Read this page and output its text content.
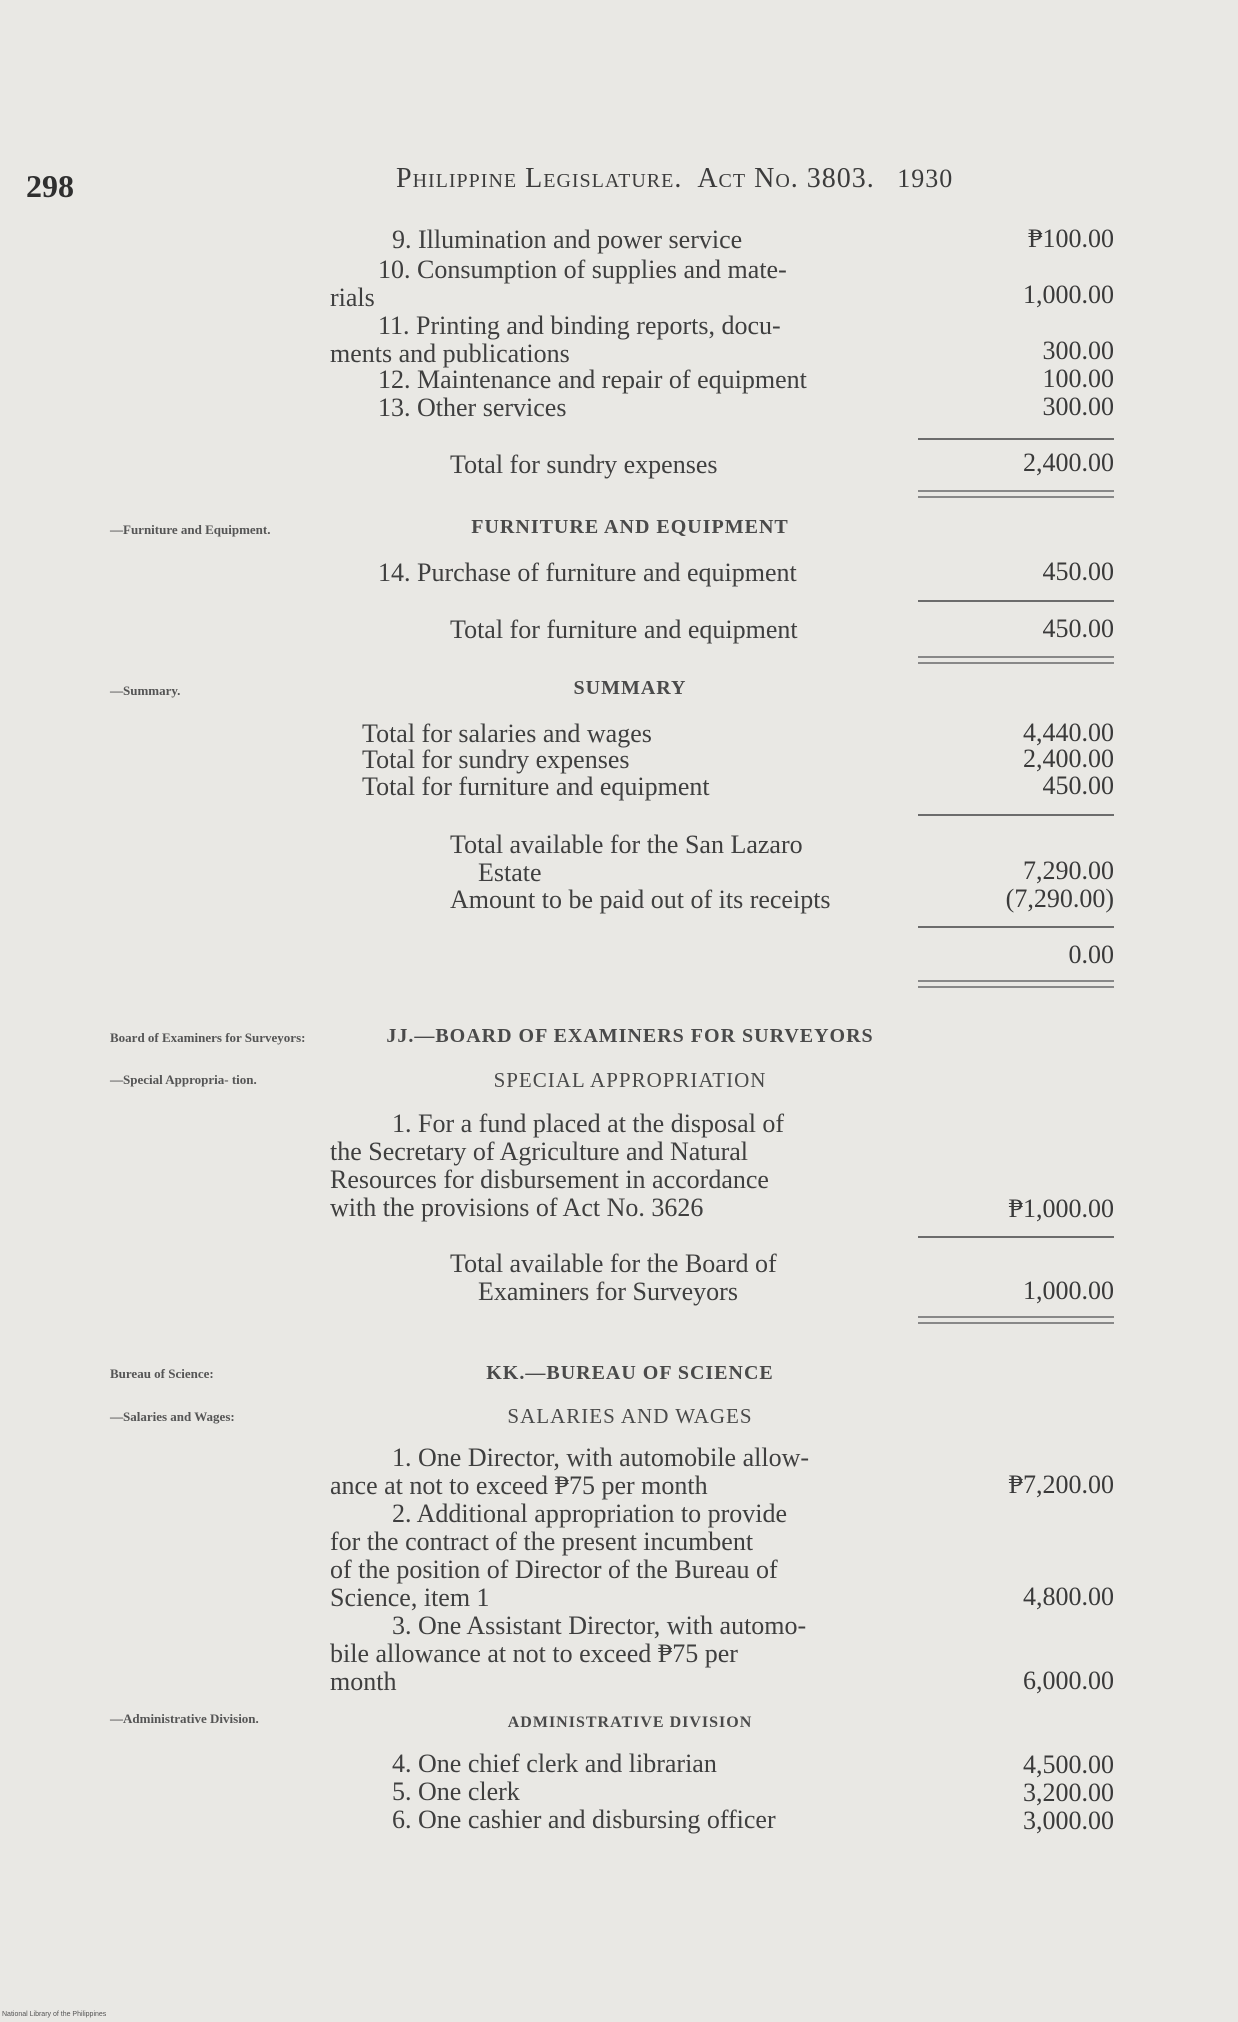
298	Philippine Legislature. Act No. 3803. 1930
9. Illumination and power service	₱100.00
10. Consumption of supplies and mate-
rials	1,000.00
11. Printing and binding reports, docu-
ments and publications	300.00
12. Maintenance and repair of equipment	100.00
13. Other services	300.00
Total for sundry expenses	2,400.00
—Furniture and Equipment.	FURNITURE AND EQUIPMENT
14. Purchase of furniture and equipment	450.00
Total for furniture and equipment	450.00
—Summary.	SUMMARY
Total for salaries and wages	4,440.00
Total for sundry expenses	2,400.00
Total for furniture and equipment	450.00
Total available for the San Lazaro
Estate	7,290.00
Amount to be paid out of its receipts	(7,290.00)
0.00
Board of Examiners for Surveyors:
—Special Appropria- tion.
JJ.—BOARD OF EXAMINERS FOR SURVEYORS
SPECIAL APPROPRIATION
1. For a fund placed at the disposal of
the Secretary of Agriculture and Natural
Resources for disbursement in accordance
with the provisions of Act No. 3626	₱1,000.00
Total available for the Board of
Examiners for Surveyors	1,000.00
Bureau of Science:
—Salaries and Wages:
KK.—BUREAU OF SCIENCE
SALARIES AND WAGES
1. One Director, with automobile allow-
ance at not to exceed ₱75 per month	₱7,200.00
2. Additional appropriation to provide
for the contract of the present incumbent
of the position of Director of the Bureau of
Science, item 1	4,800.00
3. One Assistant Director, with automo-
bile allowance at not to exceed ₱75 per
month	6,000.00
—Administrative Division.	ADMINISTRATIVE DIVISION
4. One chief clerk and librarian	4,500.00
5. One clerk	3,200.00
6. One cashier and disbursing officer	3,000.00
National Library of the Philippines
